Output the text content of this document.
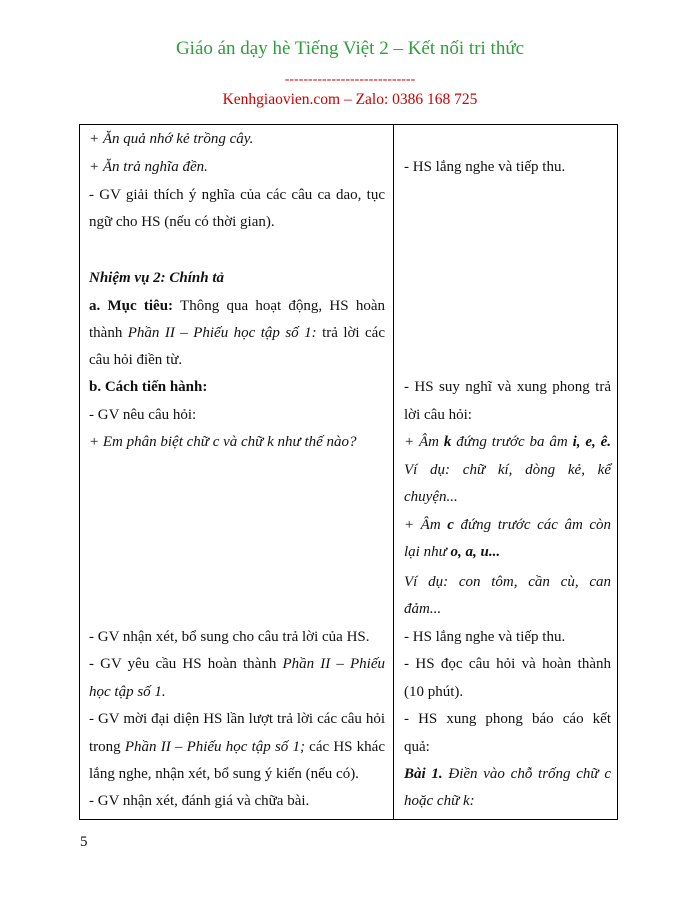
Giáo án dạy hè Tiếng Việt 2 – Kết nối tri thức
----------------------------
Kenhgiaovien.com – Zalo: 0386 168 725
+ Ăn quả nhớ kẻ trồng cây.
+ Ăn trả nghĩa đền.
- GV giải thích ý nghĩa của các câu ca dao, tục
ngữ cho HS (nếu có thời gian).
Nhiệm vụ 2: Chính tả
a. Mục tiêu: Thông qua hoạt động, HS hoàn
thành Phần II – Phiếu học tập số 1: trả lời các
câu hỏi điền từ.
b. Cách tiến hành:
- GV nêu câu hỏi:
+ Em phân biệt chữ c và chữ k như thế nào?
- GV nhận xét, bổ sung cho câu trả lời của HS.
- GV yêu cầu HS hoàn thành Phần II – Phiếu
học tập số 1.
- GV mời đại diện HS lần lượt trả lời các câu hỏi
trong Phần II – Phiếu học tập số 1; các HS khác
lắng nghe, nhận xét, bổ sung ý kiến (nếu có).
- GV nhận xét, đánh giá và chữa bài.
- HS lắng nghe và tiếp thu.
- HS suy nghĩ và xung phong trả
lời câu hỏi:
+ Âm k đứng trước ba âm i, e, ê.
Ví dụ: chữ kí, dòng kẻ, kể
chuyện...
+ Âm c đứng trước các âm còn
lại như o, a, u...
Ví dụ: con tôm, cần cù, can
đảm...
- HS lắng nghe và tiếp thu.
- HS đọc câu hỏi và hoàn thành
(10 phút).
- HS xung phong báo cáo kết
quả:
Bài 1. Điền vào chỗ trống chữ c
hoặc chữ k:
5
